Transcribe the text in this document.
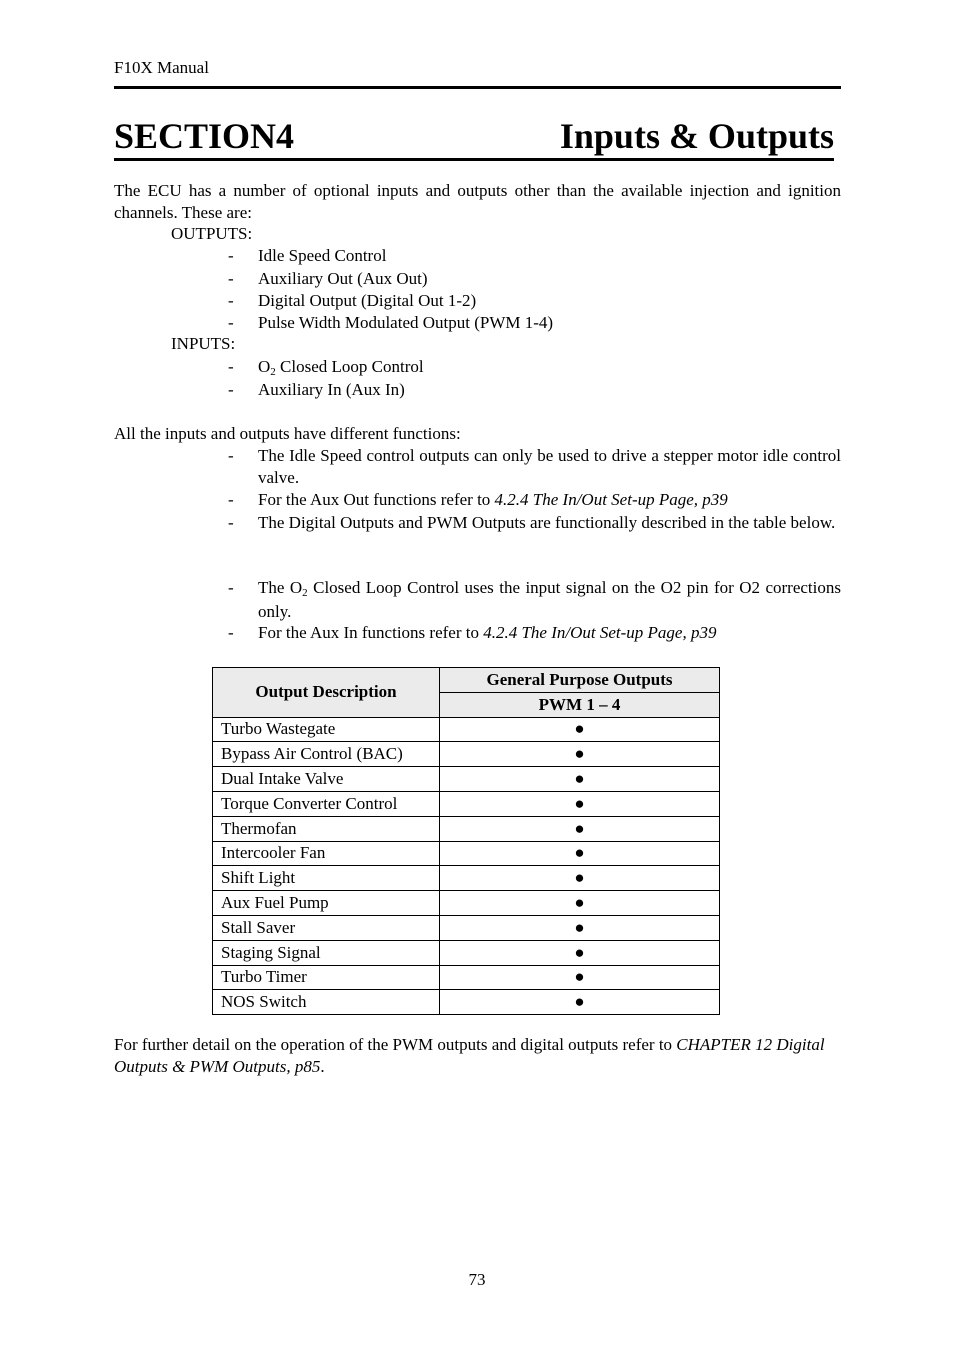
F10X Manual
SECTION4	Inputs & Outputs
The ECU has a number of optional inputs and outputs other than the available injection and ignition channels. These are:
OUTPUTS:
- Idle Speed Control
- Auxiliary Out (Aux Out)
- Digital Output (Digital Out 1-2)
- Pulse Width Modulated Output (PWM 1-4)
INPUTS:
- O2 Closed Loop Control
- Auxiliary In (Aux In)
All the inputs and outputs have different functions:
- The Idle Speed control outputs can only be used to drive a stepper motor idle control valve.
- For the Aux Out functions refer to 4.2.4 The In/Out Set-up Page, p39
- The Digital Outputs and PWM Outputs are functionally described in the table below.
- The O2 Closed Loop Control uses the input signal on the O2 pin for O2 corrections only.
- For the Aux In functions refer to 4.2.4 The In/Out Set-up Page, p39
Output Description	General Purpose Outputs
	PWM 1 – 4
Turbo Wastegate	●
Bypass Air Control (BAC)	●
Dual Intake Valve	●
Torque Converter Control	●
Thermofan	●
Intercooler Fan	●
Shift Light	●
Aux Fuel Pump	●
Stall Saver	●
Staging Signal	●
Turbo Timer	●
NOS Switch	●
For further detail on the operation of the PWM outputs and digital outputs refer to CHAPTER 12 Digital Outputs & PWM Outputs, p85.
73
